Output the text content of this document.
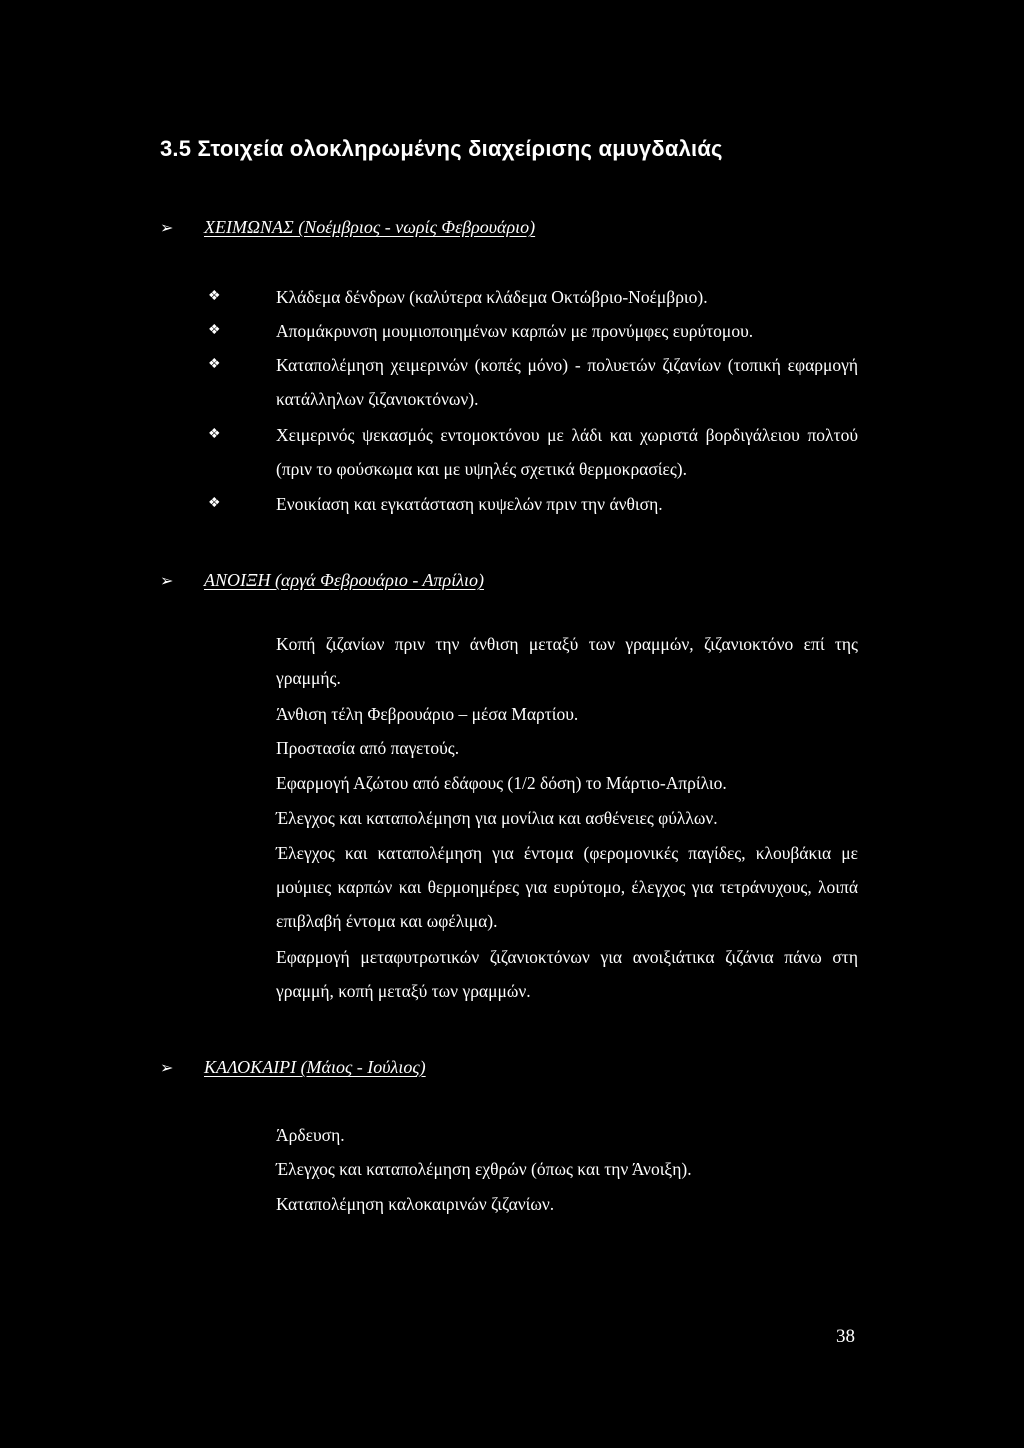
3.5 Στοιχεία ολοκληρωμένης διαχείρισης αμυγδαλιάς
➢ ΧΕΙΜΩΝΑΣ (Νοέμβριος - νωρίς Φεβρουάριο)
❖	Κλάδεμα δένδρων (καλύτερα κλάδεμα Οκτώβριο-Νοέμβριο).
❖	Απομάκρυνση μουμιοποιημένων καρπών με προνύμφες ευρύτομου.
❖	Καταπολέμηση χειμερινών (κοπές μόνο) - πολυετών ζιζανίων (τοπική εφαρμογή κατάλληλων ζιζανιοκτόνων).
❖	Χειμερινός ψεκασμός εντομοκτόνου με λάδι και χωριστά βορδιγάλειου πολτού (πριν το φούσκωμα και με υψηλές σχετικά θερμοκρασίες).
❖	Ενοικίαση και εγκατάσταση κυψελών πριν την άνθιση.
➢ ΑΝΟΙΞΗ (αργά Φεβρουάριο - Απρίλιο)
Κοπή ζιζανίων πριν την άνθιση μεταξύ των γραμμών, ζιζανιοκτόνο επί της γραμμής.
Άνθιση τέλη Φεβρουάριο – μέσα Μαρτίου.
Προστασία από παγετούς.
Εφαρμογή Αζώτου από εδάφους (1/2 δόση) το Μάρτιο-Απρίλιο.
Έλεγχος και καταπολέμηση για μονίλια και ασθένειες φύλλων.
Έλεγχος και καταπολέμηση για έντομα (φερομονικές παγίδες, κλουβάκια με μούμιες καρπών και θερμοημέρες για ευρύτομο, έλεγχος για τετράνυχους, λοιπά επιβλαβή έντομα και ωφέλιμα).
Εφαρμογή μεταφυτρωτικών ζιζανιοκτόνων για ανοιξιάτικα ζιζάνια πάνω στη γραμμή, κοπή μεταξύ των γραμμών.
➢ ΚΑΛΟΚΑΙΡΙ (Μάιος - Ιούλιος)
Άρδευση.
Έλεγχος και καταπολέμηση εχθρών (όπως και την Άνοιξη).
Καταπολέμηση καλοκαιρινών ζιζανίων.
38
